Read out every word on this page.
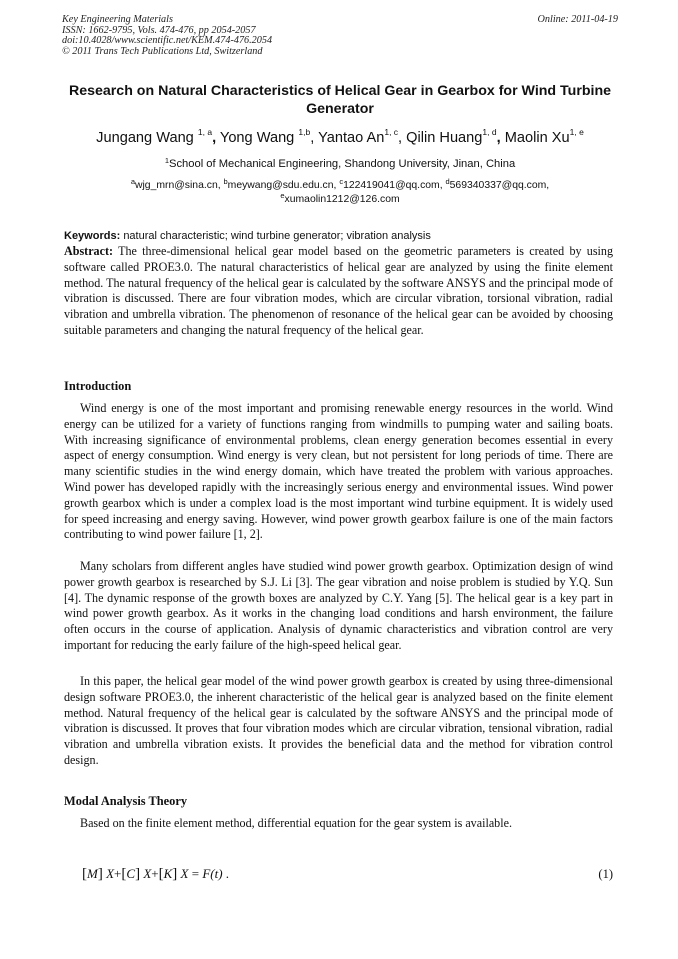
Key Engineering Materials
ISSN: 1662-9795, Vols. 474-476, pp 2054-2057
doi:10.4028/www.scientific.net/KEM.474-476.2054
© 2011 Trans Tech Publications Ltd, Switzerland
Online: 2011-04-19
Research on Natural Characteristics of Helical Gear in Gearbox for Wind Turbine Generator
Jungang Wang $^{1, a}$, Yong Wang $^{1,b}$, Yantao An$^{1, c}$, Qilin Huang$^{1, d}$, Maolin Xu$^{1, e}$
$^1$School of Mechanical Engineering, Shandong University, Jinan, China
$^a$wjg_mrn@sina.cn, $^b$meywang@sdu.edu.cn, $^c$122419041@qq.com, $^d$569340337@qq.com,
$^e$xumaolin1212@126.com
Keywords: natural characteristic; wind turbine generator; vibration analysis
Abstract: The three-dimensional helical gear model based on the geometric parameters is created by using software called PROE3.0. The natural characteristics of helical gear are analyzed by using the finite element method. The natural frequency of the helical gear is calculated by the software ANSYS and the principal mode of vibration is discussed. There are four vibration modes, which are circular vibration, torsional vibration, radial vibration and umbrella vibration. The phenomenon of resonance of the helical gear can be avoided by choosing suitable parameters and changing the natural frequency of the helical gear.
Introduction

Wind energy is one of the most important and promising renewable energy resources in the world. Wind energy can be utilized for a variety of functions ranging from windmills to pumping water and sailing boats. With increasing significance of environmental problems, clean energy generation becomes essential in every aspect of energy consumption. Wind energy is very clean, but not persistent for long periods of time. There are many scientific studies in the wind energy domain, which have treated the problem with various approaches. Wind power has developed rapidly with the increasingly serious energy and environmental issues. Wind power growth gearbox which is under a complex load is the most important wind turbine equipment. It is widely used for speed increasing and energy saving. However, wind power growth gearbox failure is one of the main factors contributing to wind power failure [1, 2].

Many scholars from different angles have studied wind power growth gearbox. Optimization design of wind power growth gearbox is researched by S.J. Li [3]. The gear vibration and noise problem is studied by Y.Q. Sun [4]. The dynamic response of the growth boxes are analyzed by C.Y. Yang [5]. The helical gear is a key part in wind power growth gearbox. As it works in the changing load conditions and harsh environment, the failure often occurs in the course of application. Analysis of dynamic characteristics and vibration control are very important for reducing the early failure of the high-speed helical gear.

In this paper, the helical gear model of the wind power growth gearbox is created by using three-dimensional design software PROE3.0, the inherent characteristic of the helical gear is analyzed based on the finite element method. Natural frequency of the helical gear is calculated by the software ANSYS and the principal mode of vibration is discussed. It proves that four vibration modes which are circular vibration, tensional vibration, radial vibration and umbrella vibration exists. It provides the beneficial data and the method for vibration control design.

Modal Analysis Theory

Based on the finite element method, differential equation for the gear system is available.

[M] X+[C] X+[K] X = F(t) .	(1)
